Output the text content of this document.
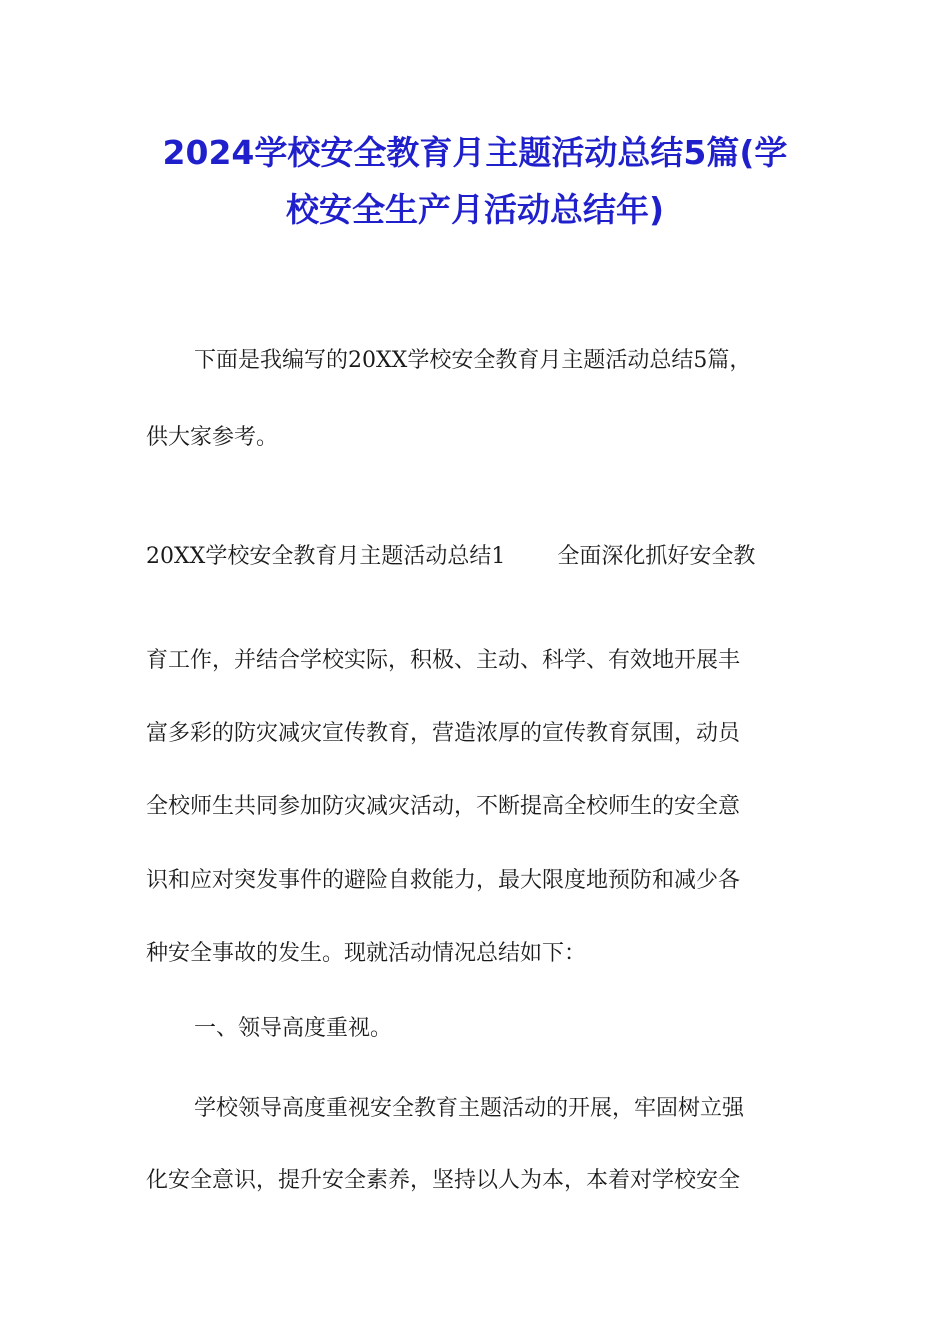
2024学校安全教育月主题活动总结5篇(学
校安全生产月活动总结年)
下面是我编写的20XX学校安全教育月主题活动总结5篇，
供大家参考。
20XX学校安全教育月主题活动总结1 全面深化抓好安全教
育工作，并结合学校实际，积极、主动、科学、有效地开展丰
富多彩的防灾减灾宣传教育，营造浓厚的宣传教育氛围，动员
全校师生共同参加防灾减灾活动，不断提高全校师生的安全意
识和应对突发事件的避险自救能力，最大限度地预防和减少各
种安全事故的发生。现就活动情况总结如下：
一、领导高度重视。
学校领导高度重视安全教育主题活动的开展，牢固树立强
化安全意识，提升安全素养，坚持以人为本，本着对学校安全
